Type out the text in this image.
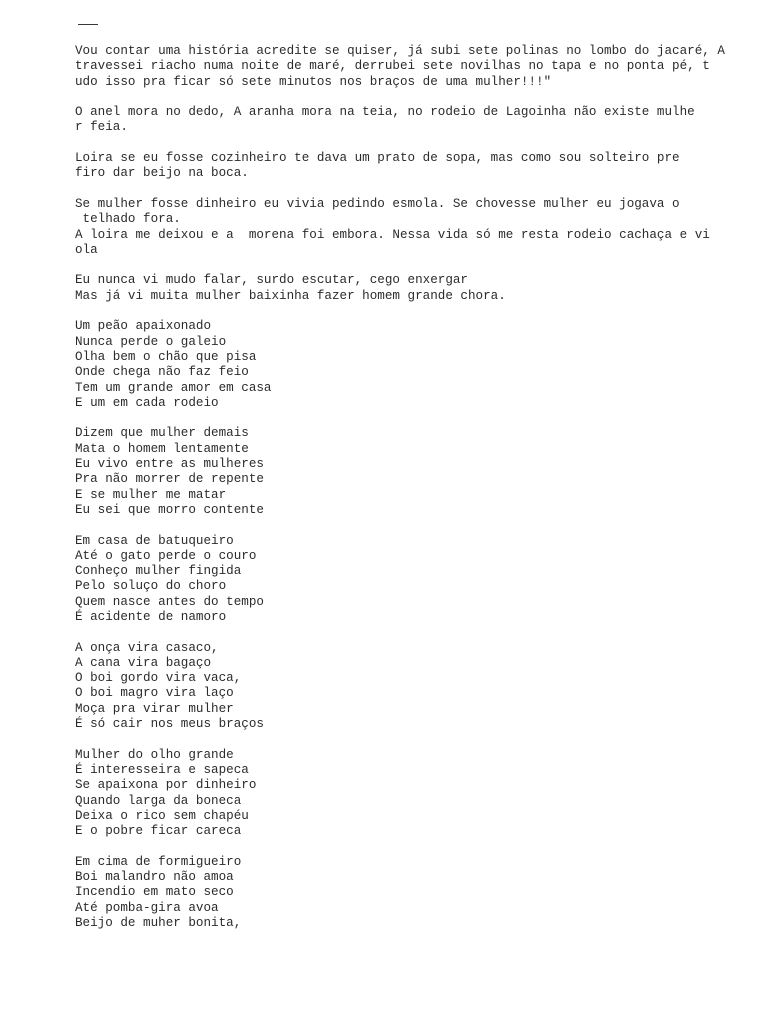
Vou contar uma história acredite se quiser, já subi sete polinas no lombo do jacaré, A
travessei riacho numa noite de maré, derrubei sete novilhas no tapa e no ponta pé, t
udo isso pra ficar só sete minutos nos braços de uma mulher!!!"
O anel mora no dedo, A aranha mora na teia, no rodeio de Lagoinha não existe mulhe
r feia.
Loira se eu fosse cozinheiro te dava um prato de sopa, mas como sou solteiro pre
firo dar beijo na boca.
Se mulher fosse dinheiro eu vivia pedindo esmola. Se chovesse mulher eu jogava o
telhado fora.
A loira me deixou e a  morena foi embora. Nessa vida só me resta rodeio cachaça e vi
ola
Eu nunca vi mudo falar, surdo escutar, cego enxergar
Mas já vi muita mulher baixinha fazer homem grande chora.
Um peão apaixonado
Nunca perde o galeio
Olha bem o chão que pisa
Onde chega não faz feio
Tem um grande amor em casa
E um em cada rodeio
Dizem que mulher demais
Mata o homem lentamente
Eu vivo entre as mulheres
Pra não morrer de repente
E se mulher me matar
Eu sei que morro contente
Em casa de batuqueiro
Até o gato perde o couro
Conheço mulher fingida
Pelo soluço do choro
Quem nasce antes do tempo
É acidente de namoro
A onça vira casaco,
A cana vira bagaço
O boi gordo vira vaca,
O boi magro vira laço
Moça pra virar mulher
É só cair nos meus braços
Mulher do olho grande
É interesseira e sapeca
Se apaixona por dinheiro
Quando larga da boneca
Deixa o rico sem chapéu
E o pobre ficar careca
Em cima de formigueiro
Boi malandro não amoa
Incendio em mato seco
Até pomba-gira avoa
Beijo de muher bonita,
